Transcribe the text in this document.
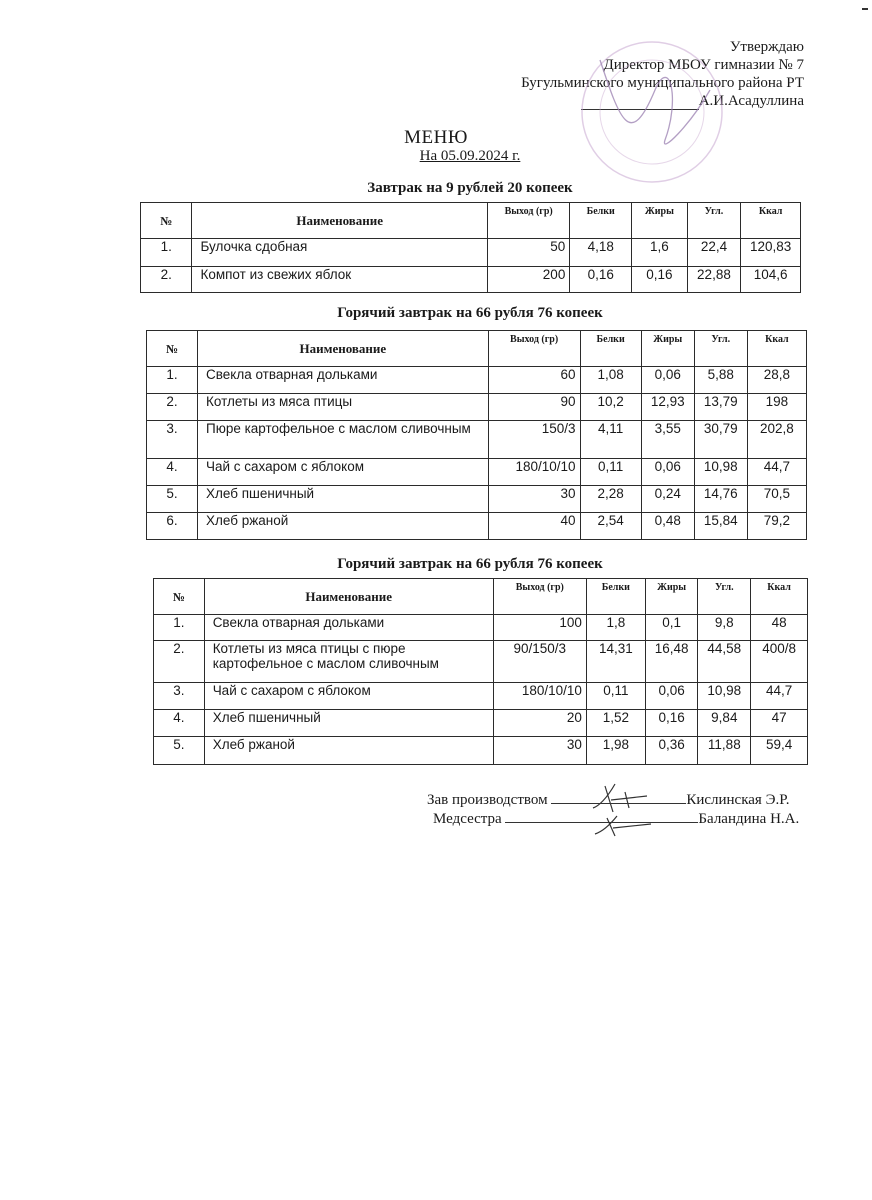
Утверждаю
Директор МБОУ гимназии № 7
Бугульминского муниципального района РТ
А.И.Асадуллина
МЕНЮ
На 05.09.2024 г.
Завтрак на 9 рублей 20 копеек
№	Наименование	Выход (гр)	Белки	Жиры	Угл.	Ккал
1.	Булочка сдобная	50	4,18	1,6	22,4	120,83
2.	Компот из свежих яблок	200	0,16	0,16	22,88	104,6
Горячий завтрак на 66 рубля 76 копеек
№	Наименование	Выход (гр)	Белки	Жиры	Угл.	Ккал
1.	Свекла отварная дольками	60	1,08	0,06	5,88	28,8
2.	Котлеты из мяса птицы	90	10,2	12,93	13,79	198
3.	Пюре картофельное с маслом сливочным	150/3	4,11	3,55	30,79	202,8
4.	Чай с сахаром с яблоком	180/10/10	0,11	0,06	10,98	44,7
5.	Хлеб пшеничный	30	2,28	0,24	14,76	70,5
6.	Хлеб ржаной	40	2,54	0,48	15,84	79,2
Горячий завтрак на 66 рубля 76 копеек
№	Наименование	Выход (гр)	Белки	Жиры	Угл.	Ккал
1.	Свекла отварная дольками	100	1,8	0,1	9,8	48
2.	Котлеты из мяса птицы с пюре картофельное с маслом сливочным	90/150/3	14,31	16,48	44,58	400/8
3.	Чай с сахаром с яблоком	180/10/10	0,11	0,06	10,98	44,7
4.	Хлеб пшеничный	20	1,52	0,16	9,84	47
5.	Хлеб ржаной	30	1,98	0,36	11,88	59,4
Зав производством	Кислинская Э.Р.
Медсестра	Баландина Н.А.
